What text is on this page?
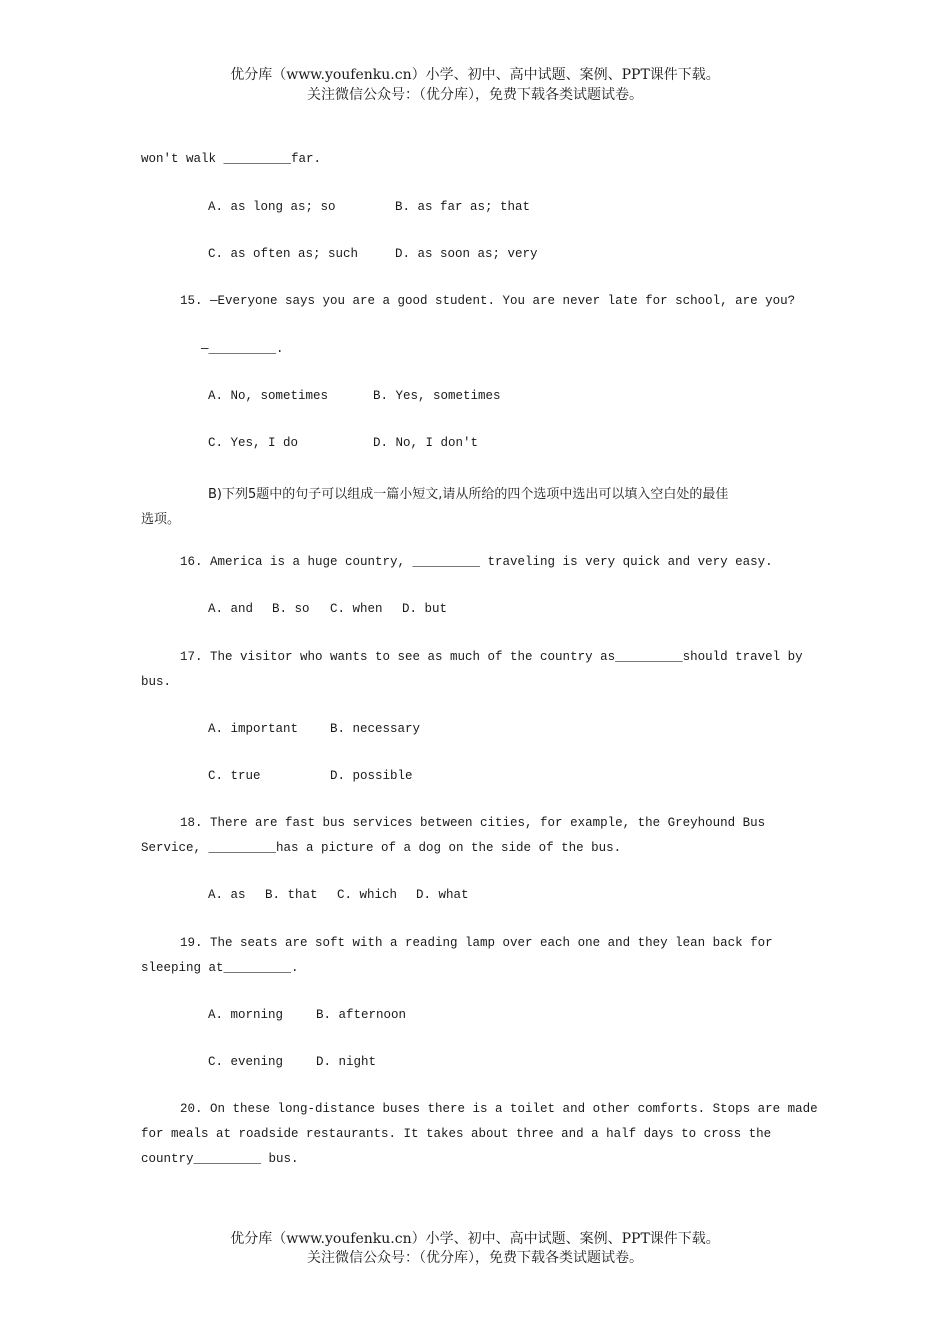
优分库（www.youfenku.cn）小学、初中、高中试题、案例、PPT课件下载。
关注微信公众号：（优分库），免费下载各类试题试卷。
won't walk _________far.
A. as long as; so	B. as far as; that
C. as often as; such	D. as soon as; very
15. —Everyone says you are a good student. You are never late for school, are you?
—_________.
A. No, sometimes	B. Yes, sometimes
C. Yes, I do	D. No, I don't
B)下列5题中的句子可以组成一篇小短文,请从所给的四个选项中选出可以填入空白处的最佳
选项。
16. America is a huge country, _________ traveling is very quick and very easy.
A. and B. so C. when D. but
17. The visitor who wants to see as much of the country as_________should travel by
bus.
A. important	B. necessary
C. true	D. possible
18. There are fast bus services between cities, for example, the Greyhound Bus
Service, _________has a picture of a dog on the side of the bus.
A. as B. that C. which D. what
19. The seats are soft with a reading lamp over each one and they lean back for
sleeping at_________.
A. morning	B. afternoon
C. evening	D. night
20. On these long-distance buses there is a toilet and other comforts. Stops are made
for meals at roadside restaurants. It takes about three and a half days to cross the
country_________ bus.
优分库（www.youfenku.cn）小学、初中、高中试题、案例、PPT课件下载。
关注微信公众号：（优分库），免费下载各类试题试卷。
